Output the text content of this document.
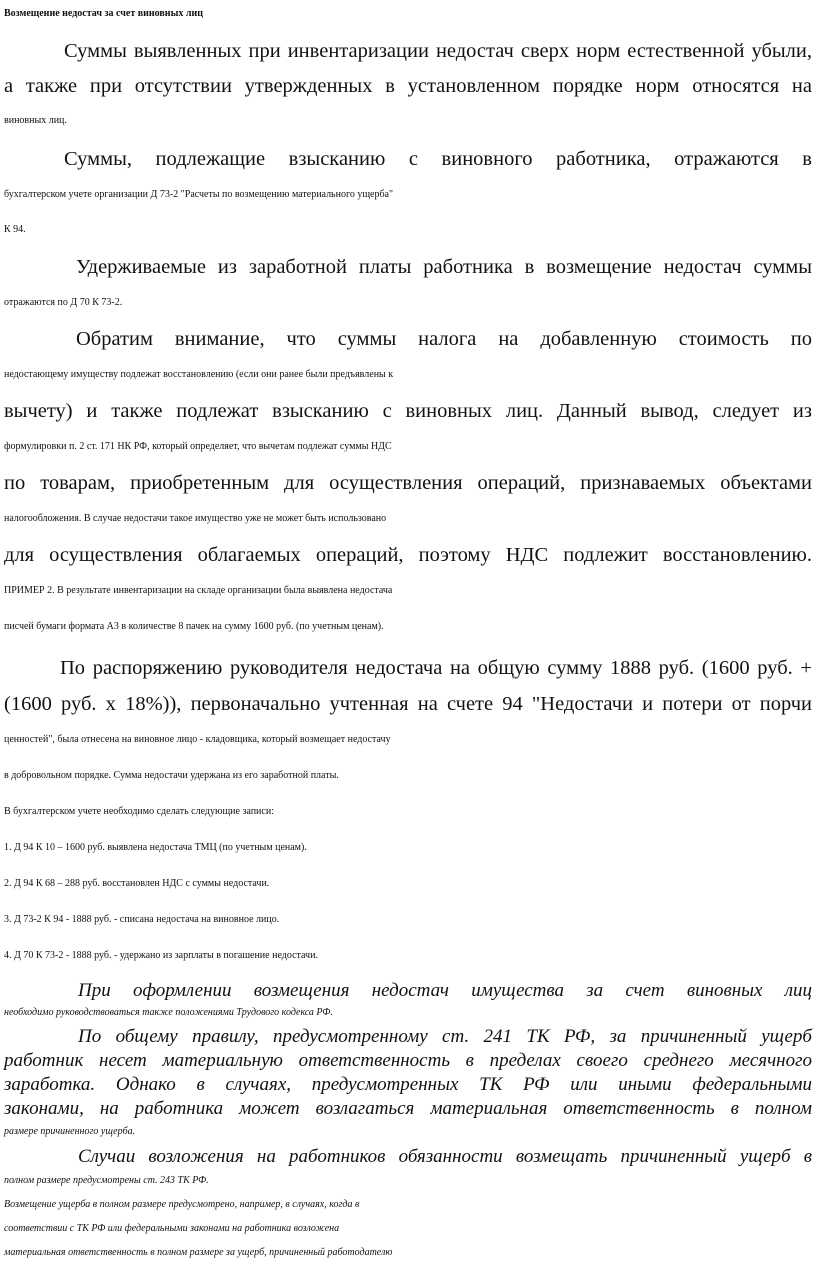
Возмещение недостач за счет виновных лиц
Суммы выявленных при инвентаризации недостач сверх норм естественной убыли,
а также при отсутствии утвержденных в установленном порядке норм относятся на
виновных лиц.
Суммы, подлежащие взысканию с виновного работника, отражаются в
бухгалтерском учете организации Д 73-2 "Расчеты по возмещению материального ущерба"
К 94.
Удерживаемые из заработной платы работника в возмещение недостач суммы
отражаются по Д 70 К 73-2.
Обратим внимание, что суммы налога на добавленную стоимость по
недостающему имуществу подлежат восстановлению (если они ранее были предъявлены к
вычету) и также подлежат взысканию с виновных лиц. Данный вывод, следует из
формулировки п. 2 ст. 171 НК РФ, который определяет, что вычетам подлежат суммы НДС
по товарам, приобретенным для осуществления операций, признаваемых объектами
налогообложения. В случае недостачи такое имущество уже не может быть использовано
для осуществления облагаемых операций, поэтому НДС подлежит восстановлению.
ПРИМЕР 2. В результате инвентаризации на складе организации была выявлена недостача
писчей бумаги формата А3 в количестве 8 пачек на сумму 1600 руб. (по учетным ценам).
По распоряжению руководителя недостача на общую сумму 1888 руб. (1600 руб. +
(1600 руб. х 18%)), первоначально учтенная на счете 94 "Недостачи и потери от порчи
ценностей", была отнесена на виновное лицо - кладовщика, который возмещает недостачу
в добровольном порядке. Сумма недостачи удержана из его заработной платы.
В бухгалтерском учете необходимо сделать следующие записи:
1. Д 94 К 10 – 1600 руб. выявлена недостача ТМЦ (по учетным ценам).
2. Д 94 К 68 – 288 руб. восстановлен НДС с суммы недостачи.
3. Д 73-2 К 94 - 1888 руб. - списана недостача на виновное лицо.
4. Д 70 К 73-2 - 1888 руб. - удержано из зарплаты в погашение недостачи.
При оформлении возмещения недостач имущества за счет виновных лиц
необходимо руководствоваться также положениями Трудового кодекса РФ.
По общему правилу, предусмотренному ст. 241 ТК РФ, за причиненный ущерб
работник несет материальную ответственность в пределах своего среднего месячного
заработка. Однако в случаях, предусмотренных ТК РФ или иными федеральными
законами, на работника может возлагаться материальная ответственность в полном
размере причиненного ущерба.
Случаи возложения на работников обязанности возмещать причиненный ущерб в
полном размере предусмотрены ст. 243 ТК РФ.
Возмещение ущерба в полном размере предусмотрено, например, в случаях, когда в
соответствии с ТК РФ или федеральными законами на работника возложена
материальная ответственность в полном размере за ущерб, причиненный работодателю
